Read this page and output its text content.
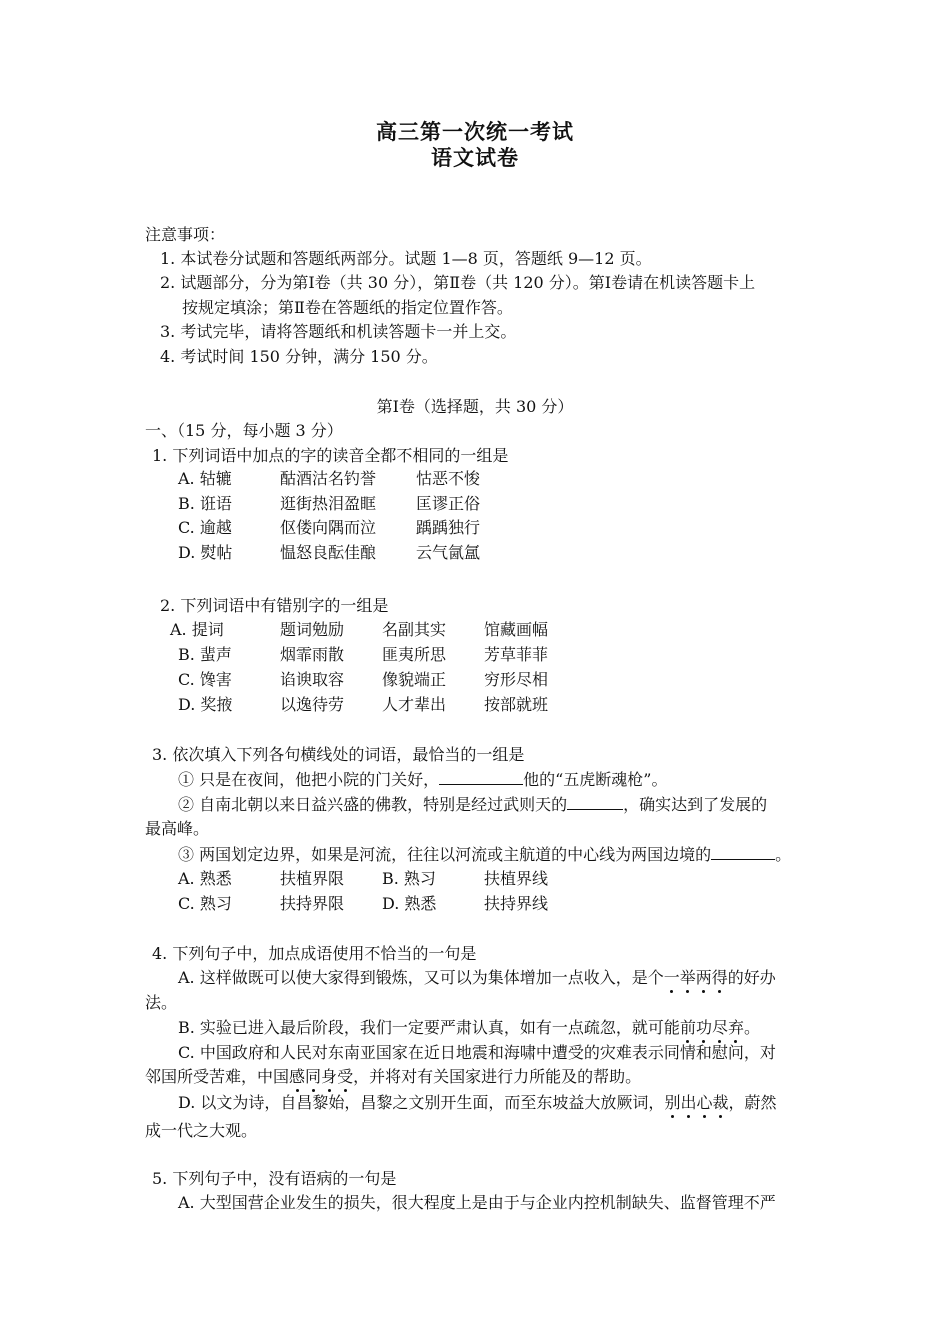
高三第一次统一考试
语文试卷
注意事项：
1. 本试卷分试题和答题纸两部分。试题 1—8 页，答题纸 9—12 页。
2. 试题部分，分为第Ⅰ卷（共 30 分），第Ⅱ卷（共 120 分）。第Ⅰ卷请在机读答题卡上
按规定填涂；第Ⅱ卷在答题纸的指定位置作答。
3. 考试完毕，请将答题纸和机读答题卡一并上交。
4. 考试时间 150 分钟，满分 150 分。
第Ⅰ卷（选择题，共 30 分）
一、（15 分，每小题 3 分）
1. 下列词语中加点的字的读音全都不相同的一组是
A. 轱辘	酤酒沽名钓誉 怙恶不悛
B. 诳语	逛街热泪盈眶 匡谬正俗
C. 逾越	伛偻向隅而泣 踽踽独行
D. 熨帖	愠怒良酝佳酿 云气氤氲
2. 下列词语中有错别字的一组是
A. 提词	题词勉励 名副其实 馆藏画幅
B. 蜚声	烟霏雨散 匪夷所思 芳草菲菲
C. 馋害	谄谀取容 像貌端正 穷形尽相
D. 奖掖	以逸待劳 人才辈出 按部就班
3. 依次填入下列各句横线处的词语，最恰当的一组是
① 只是在夜间，他把小院的门关好，	他的“五虎断魂枪”。
② 自南北朝以来日益兴盛的佛教，特别是经过武则天的	，确实达到了发展的
最高峰。
③ 两国划定边界，如果是河流，往往以河流或主航道的中心线为两国边境的	。
A. 熟悉	扶植界限 B. 熟习	扶植界线
C. 熟习	扶持界限 D. 熟悉	扶持界线
4. 下列句子中，加点成语使用不恰当的一句是
A. 这样做既可以使大家得到锻炼，又可以为集体增加一点收入，是个一举两得的好办
法。
B. 实验已进入最后阶段，我们一定要严肃认真，如有一点疏忽，就可能前功尽弃。
C. 中国政府和人民对东南亚国家在近日地震和海啸中遭受的灾难表示同情和慰问，对
邻国所受苦难，中国感同身受，并将对有关国家进行力所能及的帮助。
D. 以文为诗，自昌黎始，昌黎之文别开生面，而至东坡益大放厥词，别出心裁，蔚然
成一代之大观。
5. 下列句子中，没有语病的一句是
A. 大型国营企业发生的损失，很大程度上是由于与企业内控机制缺失、监督管理不严
